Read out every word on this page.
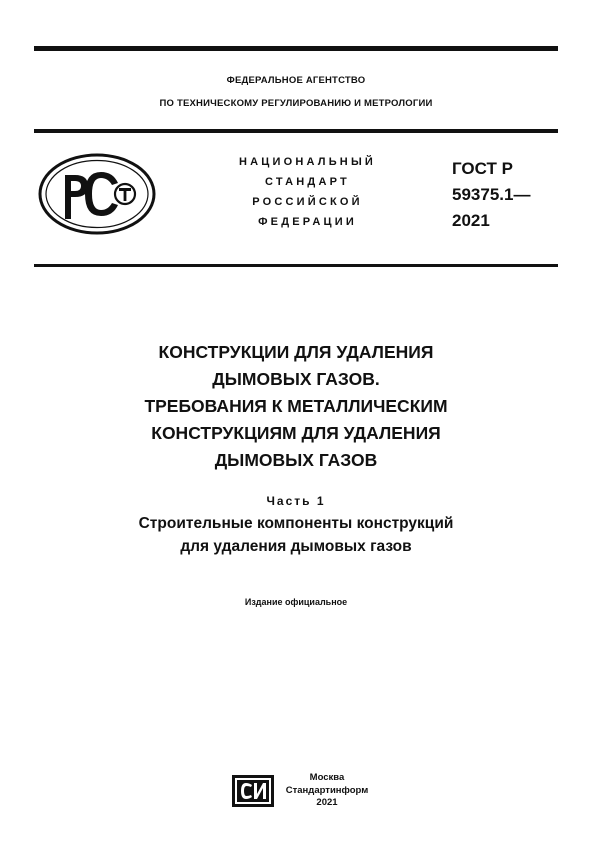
ФЕДЕРАЛЬНОЕ АГЕНТСТВО
ПО ТЕХНИЧЕСКОМУ РЕГУЛИРОВАНИЮ И МЕТРОЛОГИИ
НАЦИОНАЛЬНЫЙ
СТАНДАРТ
РОССИЙСКОЙ
ФЕДЕРАЦИИ
ГОСТ Р
59375.1—
2021
КОНСТРУКЦИИ ДЛЯ УДАЛЕНИЯ
ДЫМОВЫХ ГАЗОВ.
ТРЕБОВАНИЯ К МЕТАЛЛИЧЕСКИМ
КОНСТРУКЦИЯМ ДЛЯ УДАЛЕНИЯ
ДЫМОВЫХ ГАЗОВ
Часть 1
Строительные компоненты конструкций
для удаления дымовых газов
Издание официальное
Москва
Стандартинформ
2021
